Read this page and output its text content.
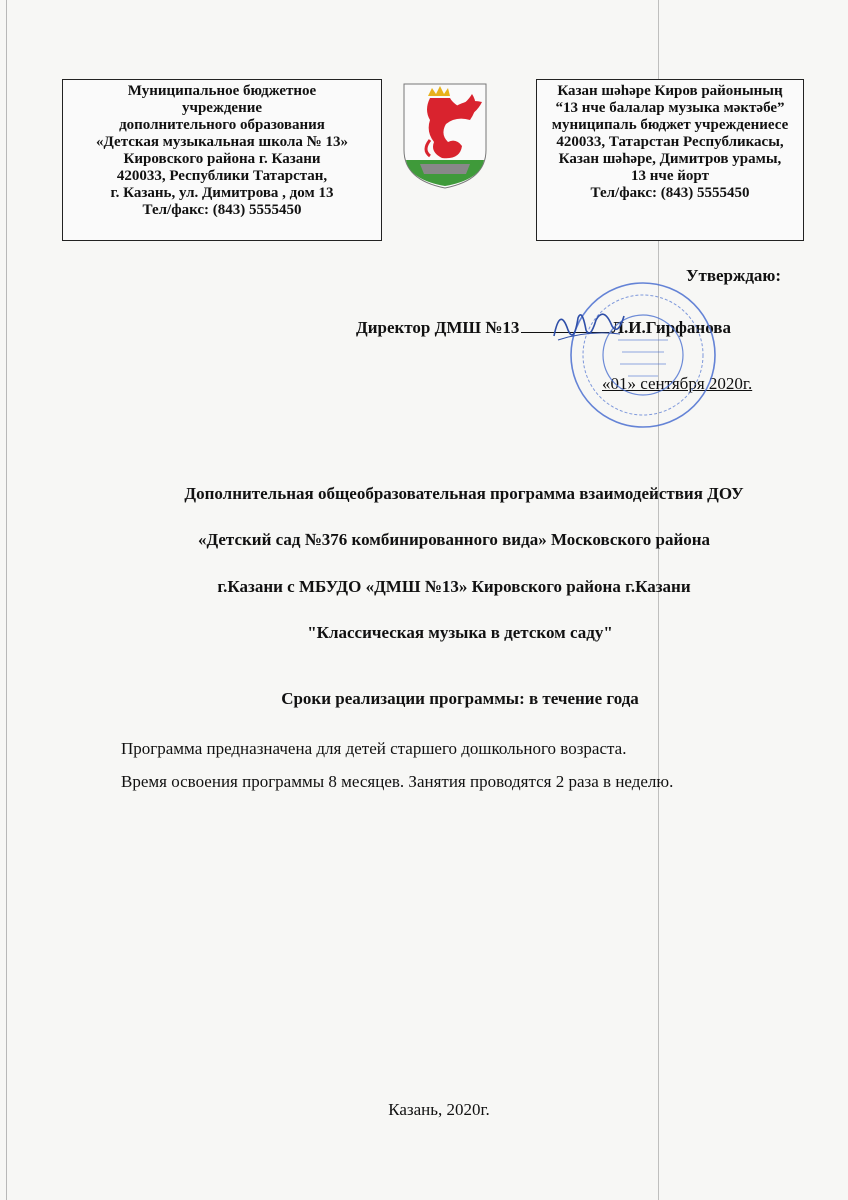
Муниципальное бюджетное
учреждение
дополнительного образования
«Детская музыкальная школа № 13»
Кировского района г. Казани
420033, Республики Татарстан,
г. Казань, ул. Димитрова , дом 13
Тел/факс: (843) 5555450
Казан шәһәре Киров районының
“13 нче балалар музыка мәктәбе”
муниципаль бюджет учреждениесе
420033, Татарстан Республикасы,
Казан шәһәре, Димитров урамы,
13 нче йорт
Тел/факс: (843) 5555450
Утверждаю:
Директор ДМШ №13	Л.И.Гирфанова
«01» сентября 2020г.
Дополнительная общеобразовательная программа взаимодействия ДОУ
«Детский сад №376 комбинированного вида» Московского района
г.Казани с МБУДО «ДМШ №13» Кировского района г.Казани
"Классическая музыка в детском саду"
Сроки реализации программы: в течение года
Программа предназначена для детей старшего дошкольного возраста.
Время освоения программы 8 месяцев. Занятия проводятся 2 раза в неделю.
Казань, 2020г.
